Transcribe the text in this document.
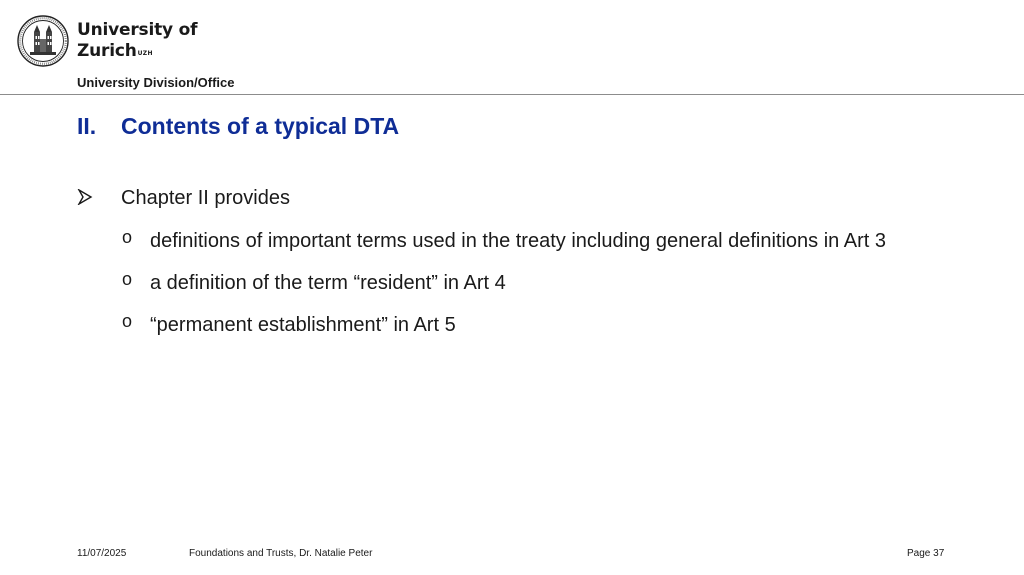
University of
Zurich$^{UZH}$
University Division/Office
II. Contents of a typical DTA
Chapter II provides
o definitions of important terms used in the treaty including general definitions in Art 3
o a definition of the term “resident” in Art 4
o “permanent establishment” in Art 5
11/07/2025	Foundations and Trusts, Dr. Natalie Peter	Page 37
